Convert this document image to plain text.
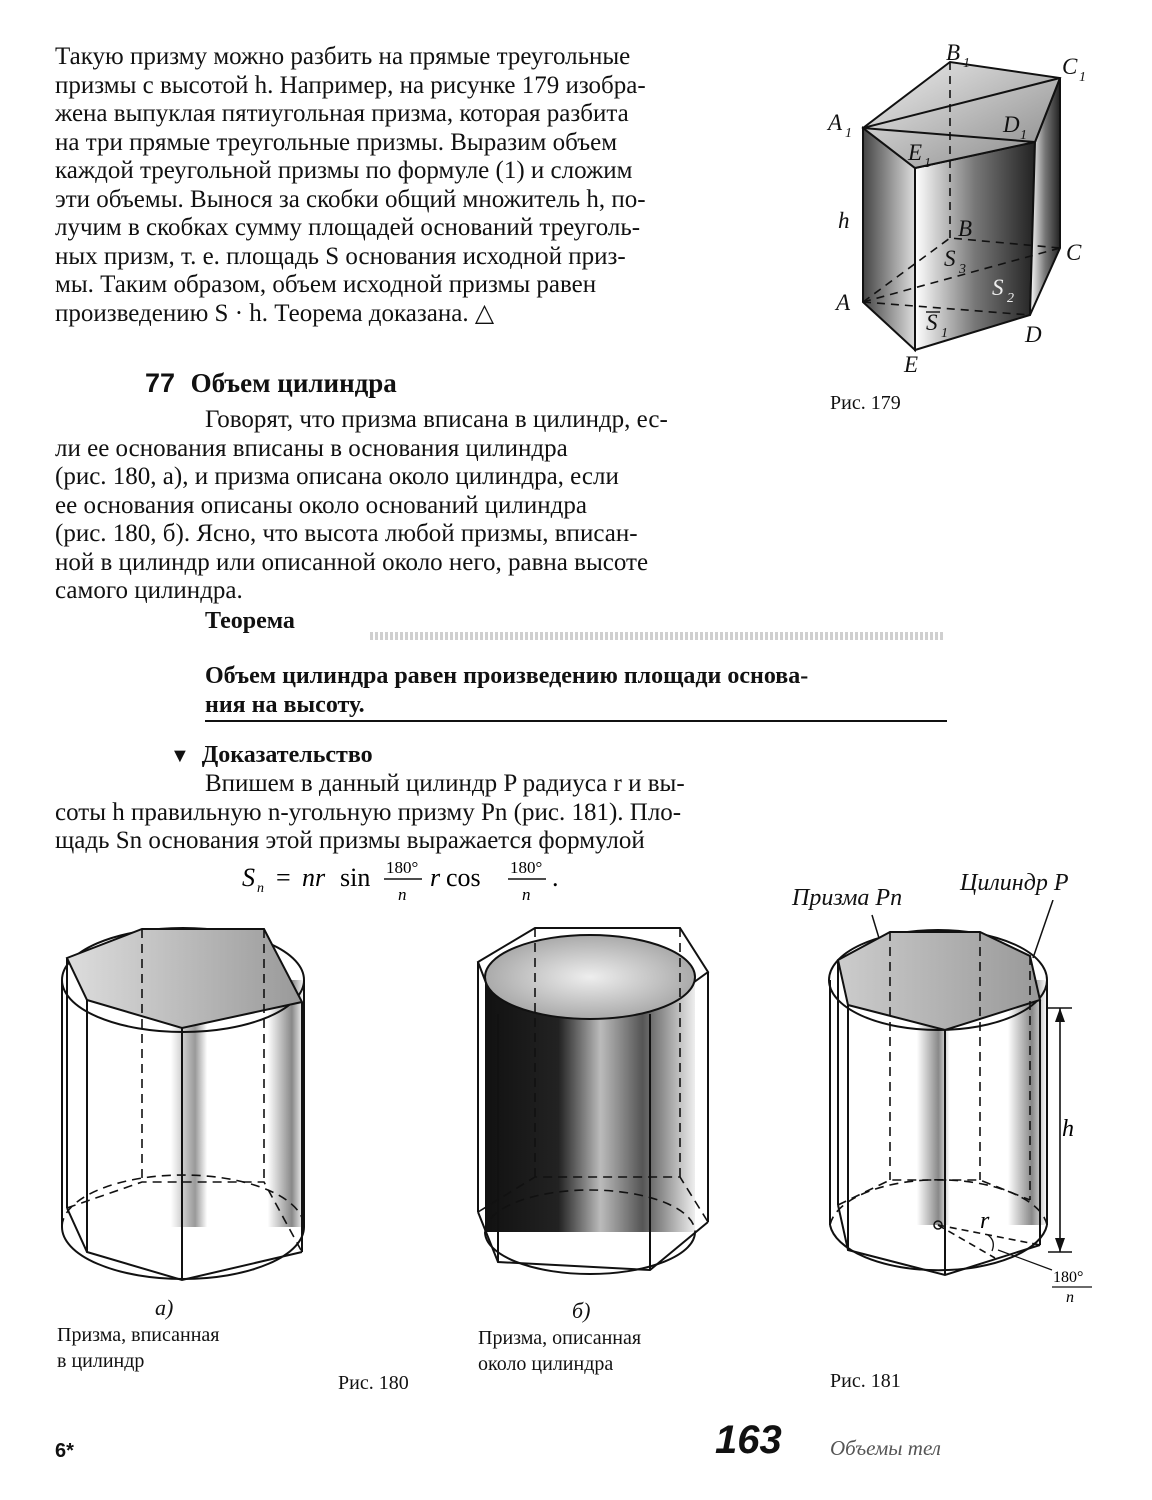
Такую призму можно разбить на прямые треугольные
призмы с высотой h. Например, на рисунке 179 изобра-
жена выпуклая пятиугольная призма, которая разбита
на три прямые треугольные призмы. Выразим объем
каждой треугольной призмы по формуле (1) и сложим
эти объемы. Вынося за скобки общий множитель h, по-
лучим в скобках сумму площадей оснований треуголь-
ных призм, т. е. площадь S основания исходной приз-
мы. Таким образом, объем исходной призмы равен
произведению S · h. Теорема доказана. △
77 Объем цилиндра
Говорят, что призма вписана в цилиндр, ес-
ли ее основания вписаны в основания цилиндра
(рис. 180, а), и призма описана около цилиндра, если
ее основания описаны около оснований цилиндра
(рис. 180, б). Ясно, что высота любой призмы, вписан-
ной в цилиндр или описанной около него, равна высоте
самого цилиндра.
Теорема
Объем цилиндра равен произведению площади основа-
ния на высоту.
▼ Доказательство
Впишем в данный цилиндр P радиуса r и вы-
соты h правильную n-угольную призму Pn (рис. 181). Пло-
щадь Sn основания этой призмы выражается формулой
S n = nr sin 180°
n
r cos 180°
n
.
B 1	C 1
A 1	D 1
E 1
h	B
C
A
D
E
S 3
S 2
S 1
Рис. 179
а)
Призма, вписанная
в цилиндр
б)
Призма, описанная
около цилиндра
Рис. 180
Призма Pn
Цилиндр P
h
r
180°
n
Рис. 181
6*	163 Объемы тел
